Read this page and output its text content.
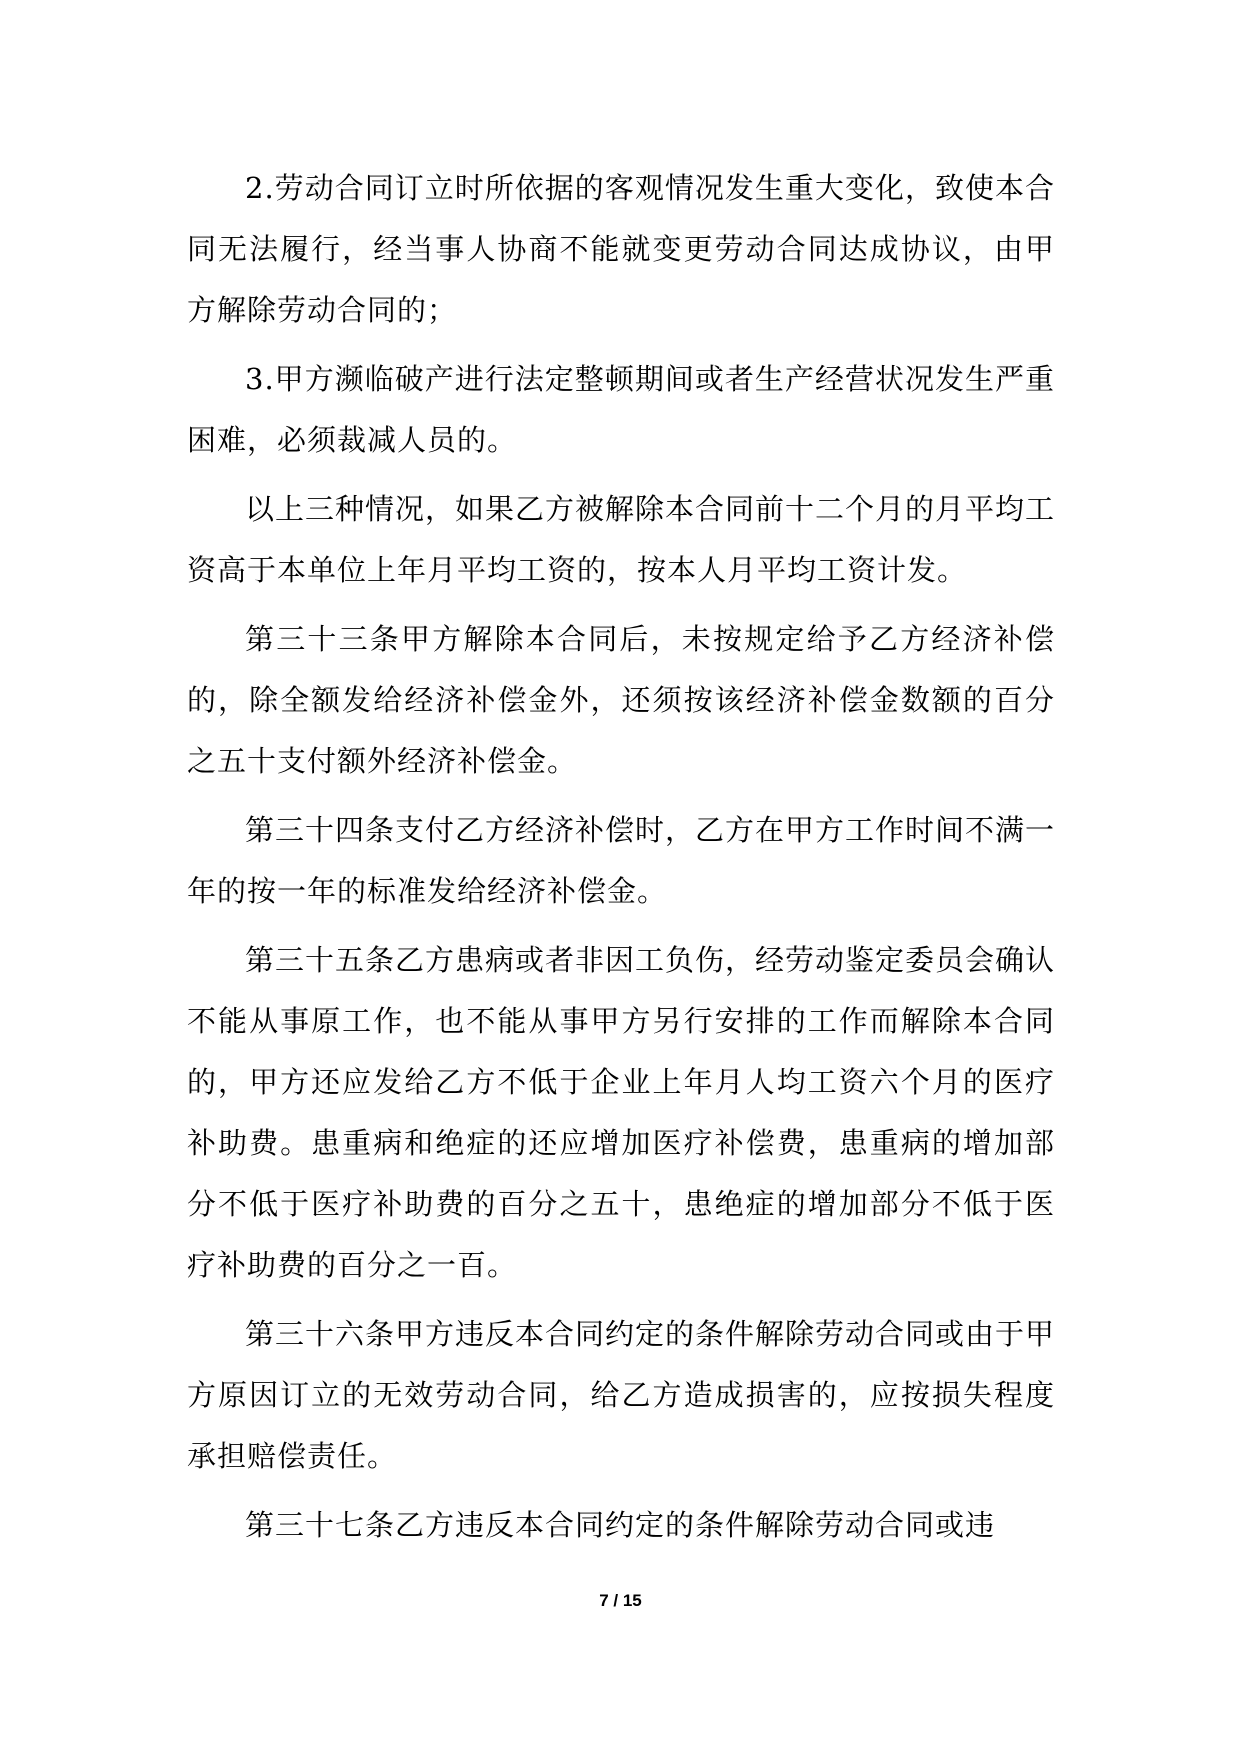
2.劳动合同订立时所依据的客观情况发生重大变化，致使本合同无法履行，经当事人协商不能就变更劳动合同达成协议，由甲方解除劳动合同的；

3.甲方濒临破产进行法定整顿期间或者生产经营状况发生严重困难，必须裁减人员的。

以上三种情况，如果乙方被解除本合同前十二个月的月平均工资高于本单位上年月平均工资的，按本人月平均工资计发。

第三十三条甲方解除本合同后，未按规定给予乙方经济补偿的，除全额发给经济补偿金外，还须按该经济补偿金数额的百分之五十支付额外经济补偿金。

第三十四条支付乙方经济补偿时，乙方在甲方工作时间不满一年的按一年的标准发给经济补偿金。

第三十五条乙方患病或者非因工负伤，经劳动鉴定委员会确认不能从事原工作，也不能从事甲方另行安排的工作而解除本合同的，甲方还应发给乙方不低于企业上年月人均工资六个月的医疗补助费。患重病和绝症的还应增加医疗补偿费，患重病的增加部分不低于医疗补助费的百分之五十，患绝症的增加部分不低于医疗补助费的百分之一百。

第三十六条甲方违反本合同约定的条件解除劳动合同或由于甲方原因订立的无效劳动合同，给乙方造成损害的，应按损失程度承担赔偿责任。

第三十七条乙方违反本合同约定的条件解除劳动合同或违

7 / 15
